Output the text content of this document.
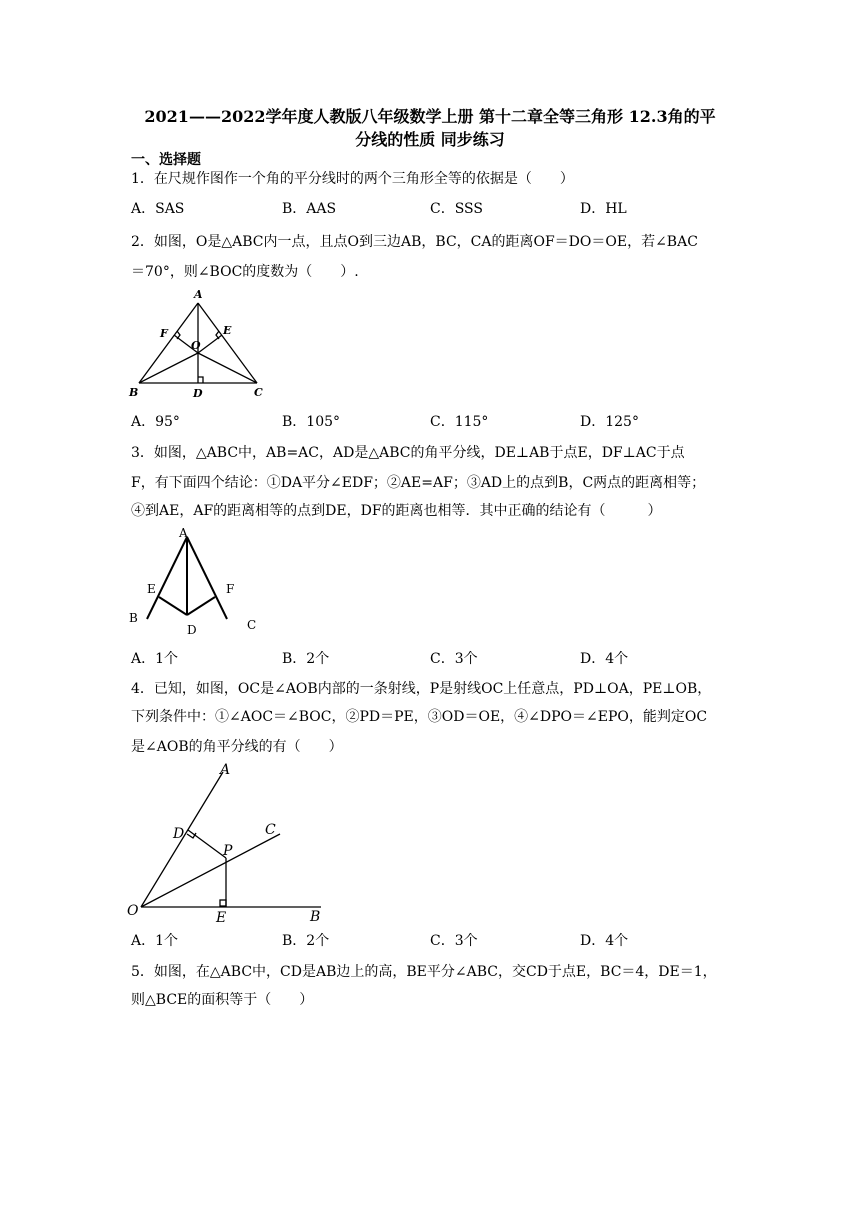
2021——2022学年度人教版八年级数学上册 第十二章全等三角形 12.3角的平
分线的性质 同步练习
一、选择题
1．在尺规作图作一个角的平分线时的两个三角形全等的依据是（　　）
A．SAS	B．AAS	C．SSS	D．HL
2．如图，O是△ABC内一点，且点O到三边AB，BC，CA的距离OF＝DO＝OE，若∠BAC
＝70°，则∠BOC的度数为（　　）.
A
B	C
D
E
F
O
A．95°	B．105°	C．115°	D．125°
3．如图，△ABC中，AB=AC，AD是△ABC的角平分线，DE⊥AB于点E，DF⊥AC于点
F，有下面四个结论：①DA平分∠EDF；②AE=AF；③AD上的点到B，C两点的距离相等；
④到AE，AF的距离相等的点到DE，DF的距离也相等．其中正确的结论有（　　　）
A
B	C
D
E	F
A．1个	B．2个	C．3个	D．4个
4．已知，如图，OC是∠AOB内部的一条射线，P是射线OC上任意点，PD⊥OA，PE⊥OB，
下列条件中：①∠AOC＝∠BOC，②PD＝PE，③OD＝OE，④∠DPO＝∠EPO，能判定OC
是∠AOB的角平分线的有（　　）
A
D	C
P
O	E	B
A．1个	B．2个	C．3个	D．4个
5．如图，在△ABC中，CD是AB边上的高，BE平分∠ABC，交CD于点E，BC＝4，DE＝1，
则△BCE的面积等于（　　）
